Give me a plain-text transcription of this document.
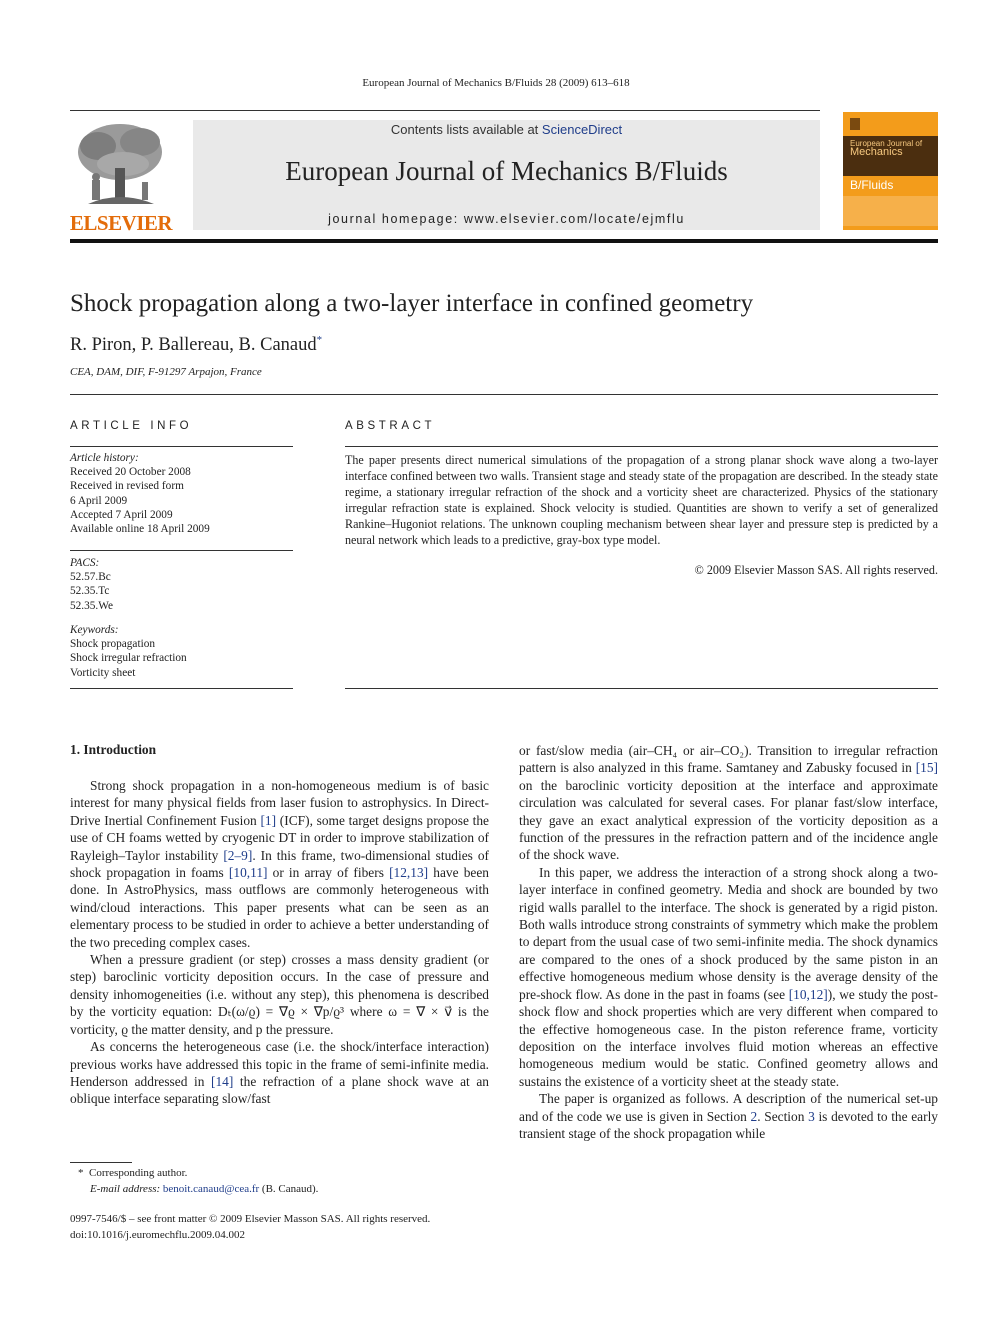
European Journal of Mechanics B/Fluids 28 (2009) 613–618
ELSEVIER
Contents lists available at ScienceDirect
European Journal of Mechanics B/Fluids
journal homepage: www.elsevier.com/locate/ejmflu
European Journal of
Mechanics
B/Fluids
Shock propagation along a two-layer interface in confined geometry
R. Piron, P. Ballereau, B. Canaud*
CEA, DAM, DIF, F-91297 Arpajon, France
ARTICLE INFO
Article history:
Received 20 October 2008
Received in revised form
6 April 2009
Accepted 7 April 2009
Available online 18 April 2009
PACS:
52.57.Bc
52.35.Tc
52.35.We
Keywords:
Shock propagation
Shock irregular refraction
Vorticity sheet
ABSTRACT
The paper presents direct numerical simulations of the propagation of a strong planar shock wave along a two-layer interface confined between two walls. Transient stage and steady state of the propagation are described. In the steady state regime, a stationary irregular refraction of the shock and a vorticity sheet are characterized. Physics of the stationary irregular refraction state is explained. Shock velocity is studied. Quantities are shown to verify a set of generalized Rankine–Hugoniot relations. The unknown coupling mechanism between shear layer and pressure step is predicted by a neural network which leads to a predictive, gray-box type model.
© 2009 Elsevier Masson SAS. All rights reserved.
1. Introduction

Strong shock propagation in a non-homogeneous medium is of basic interest for many physical fields from laser fusion to astrophysics. In Direct-Drive Inertial Confinement Fusion [1] (ICF), some target designs propose the use of CH foams wetted by cryogenic DT in order to improve stabilization of Rayleigh–Taylor instability [2–9]. In this frame, two-dimensional studies of shock propagation in foams [10,11] or in array of fibers [12,13] have been done. In AstroPhysics, mass outflows are commonly heterogeneous with wind/cloud interactions. This paper presents what can be seen as an elementary process to be studied in order to achieve a better understanding of the two preceding complex cases.

When a pressure gradient (or step) crosses a mass density gradient (or step) baroclinic vorticity deposition occurs. In the case of pressure and density inhomogeneities (i.e. without any step), this phenomena is described by the vorticity equation: Dₜ(ω/ϱ) = ∇ϱ × ∇p/ϱ³ where ω = ∇ × v⃗ is the vorticity, ϱ the matter density, and p the pressure.

As concerns the heterogeneous case (i.e. the shock/interface interaction) previous works have addressed this topic in the frame of semi-infinite media. Henderson addressed in [14] the refraction of a plane shock wave at an oblique interface separating slow/fast

or fast/slow media (air–CH₄ or air–CO₂). Transition to irregular refraction pattern is also analyzed in this frame. Samtaney and Zabusky focused in [15] on the baroclinic vorticity deposition at the interface and approximate circulation was calculated for several cases. For planar fast/slow interface, they gave an exact analytical expression of the vorticity deposition as a function of the pressures in the refraction pattern and of the incidence angle of the shock wave.

In this paper, we address the interaction of a strong shock along a two-layer interface in confined geometry. Media and shock are bounded by two rigid walls parallel to the interface. The shock is generated by a rigid piston. Both walls introduce strong constraints of symmetry which make the problem to depart from the usual case of two semi-infinite media. The shock dynamics are compared to the ones of a shock produced by the same piston in an effective homogeneous medium whose density is the average density of the pre-shock flow. As done in the past in foams (see [10,12]), we study the post-shock flow and shock properties which are very different when compared to the effective homogeneous case. In the piston reference frame, vorticity deposition on the interface involves fluid motion whereas an effective homogeneous medium would be static. Confined geometry allows and sustains the existence of a vorticity sheet at the steady state.

The paper is organized as follows. A description of the numerical set-up and of the code we use is given in Section 2. Section 3 is devoted to the early transient stage of the shock propagation while

* Corresponding author.
E-mail address: benoit.canaud@cea.fr (B. Canaud).
0997-7546/$ – see front matter © 2009 Elsevier Masson SAS. All rights reserved.
doi:10.1016/j.euromechflu.2009.04.002
